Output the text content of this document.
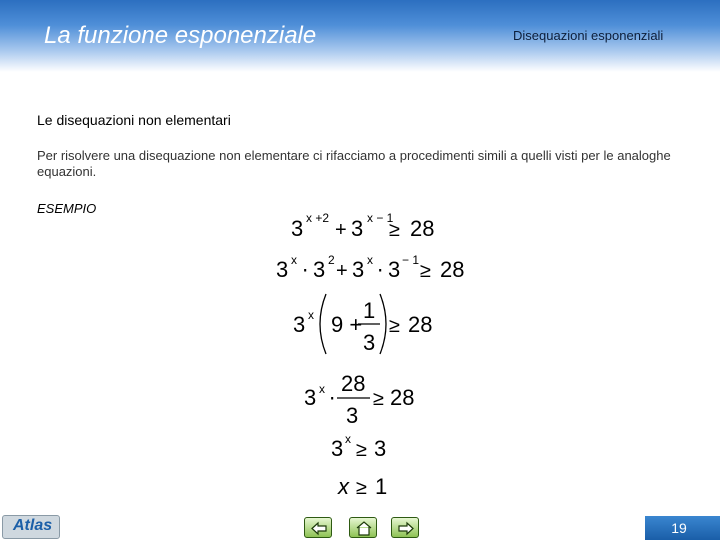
La funzione esponenziale	Disequazioni esponenziali
Le disequazioni non elementari
Per risolvere una disequazione non elementare ci rifacciamo a procedimenti simili a quelli visti per le analoghe equazioni.
ESEMPIO
3 x +2
+ 3 x − 1
≥ 28
3 x ⋅ 3 2 + 3 x ⋅ 3 − 1 ≥ 28
3 x 9 +
1
3
≥ 28
3 x ⋅
28
3
≥ 28
3 x ≥ 3
x ≥ 1
Atlas	19
